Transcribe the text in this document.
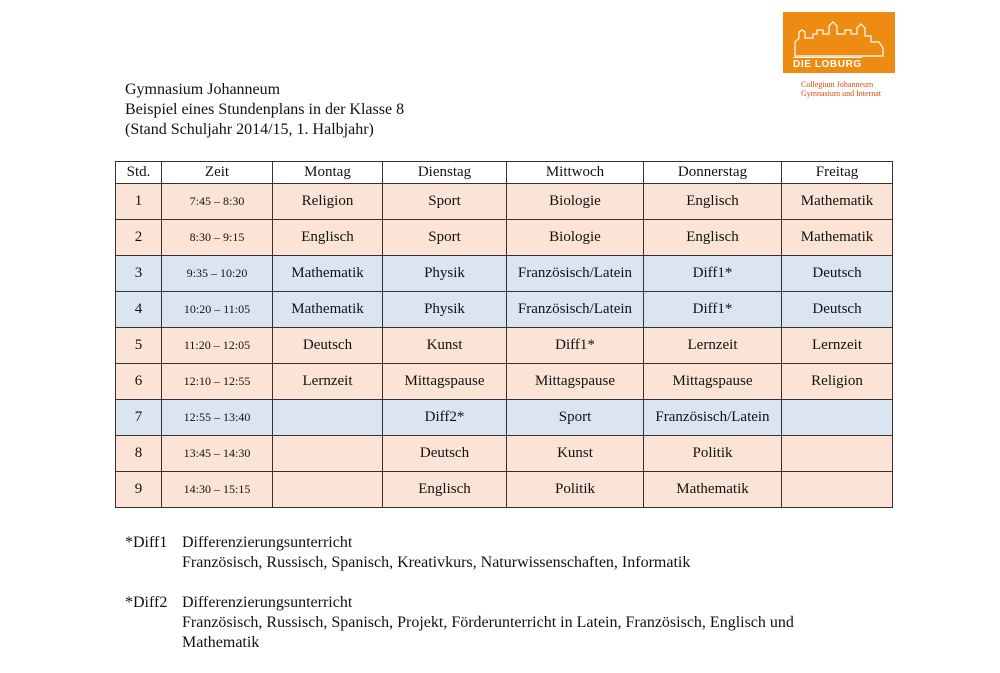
Gymnasium Johanneum
Beispiel eines Stundenplans in der Klasse 8
(Stand Schuljahr 2014/15, 1. Halbjahr)
DIE LOBURG
Collegium Johanneum
Gymnasium und Internat
Std.	Zeit	Montag	Dienstag	Mittwoch	Donnerstag	Freitag
1	7:45 – 8:30	Religion	Sport	Biologie	Englisch	Mathematik
2	8:30 – 9:15	Englisch	Sport	Biologie	Englisch	Mathematik
3	9:35 – 10:20	Mathematik	Physik	Französisch/Latein	Diff1*	Deutsch
4	10:20 – 11:05	Mathematik	Physik	Französisch/Latein	Diff1*	Deutsch
5	11:20 – 12:05	Deutsch	Kunst	Diff1*	Lernzeit	Lernzeit
6	12:10 – 12:55	Lernzeit	Mittagspause	Mittagspause	Mittagspause	Religion
7	12:55 – 13:40		Diff2*	Sport	Französisch/Latein	
8	13:45 – 14:30		Deutsch	Kunst	Politik	
9	14:30 – 15:15		Englisch	Politik	Mathematik	
*Diff1 Differenzierungsunterricht
Französisch, Russisch, Spanisch, Kreativkurs, Naturwissenschaften, Informatik
*Diff2 Differenzierungsunterricht
Französisch, Russisch, Spanisch, Projekt, Förderunterricht in Latein, Französisch, Englisch und Mathematik
